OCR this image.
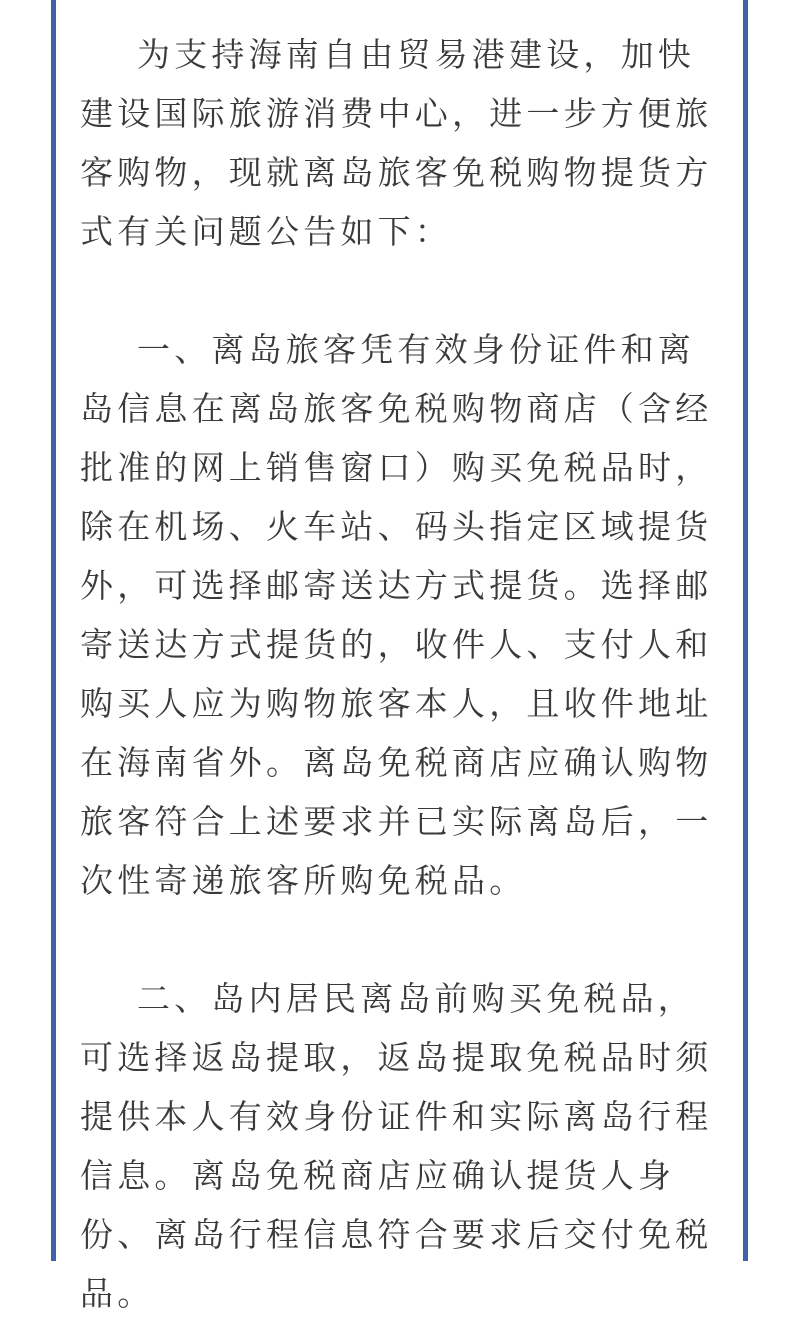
为支持海南自由贸易港建设，加快建设国际旅游消费中心，进一步方便旅客购物，现就离岛旅客免税购物提货方式有关问题公告如下：

一、离岛旅客凭有效身份证件和离岛信息在离岛旅客免税购物商店（含经批准的网上销售窗口）购买免税品时，除在机场、火车站、码头指定区域提货外，可选择邮寄送达方式提货。选择邮寄送达方式提货的，收件人、支付人和购买人应为购物旅客本人，且收件地址在海南省外。离岛免税商店应确认购物旅客符合上述要求并已实际离岛后，一次性寄递旅客所购免税品。

二、岛内居民离岛前购买免税品，可选择返岛提取，返岛提取免税品时须提供本人有效身份证件和实际离岛行程信息。离岛免税商店应确认提货人身份、离岛行程信息符合要求后交付免税品。
